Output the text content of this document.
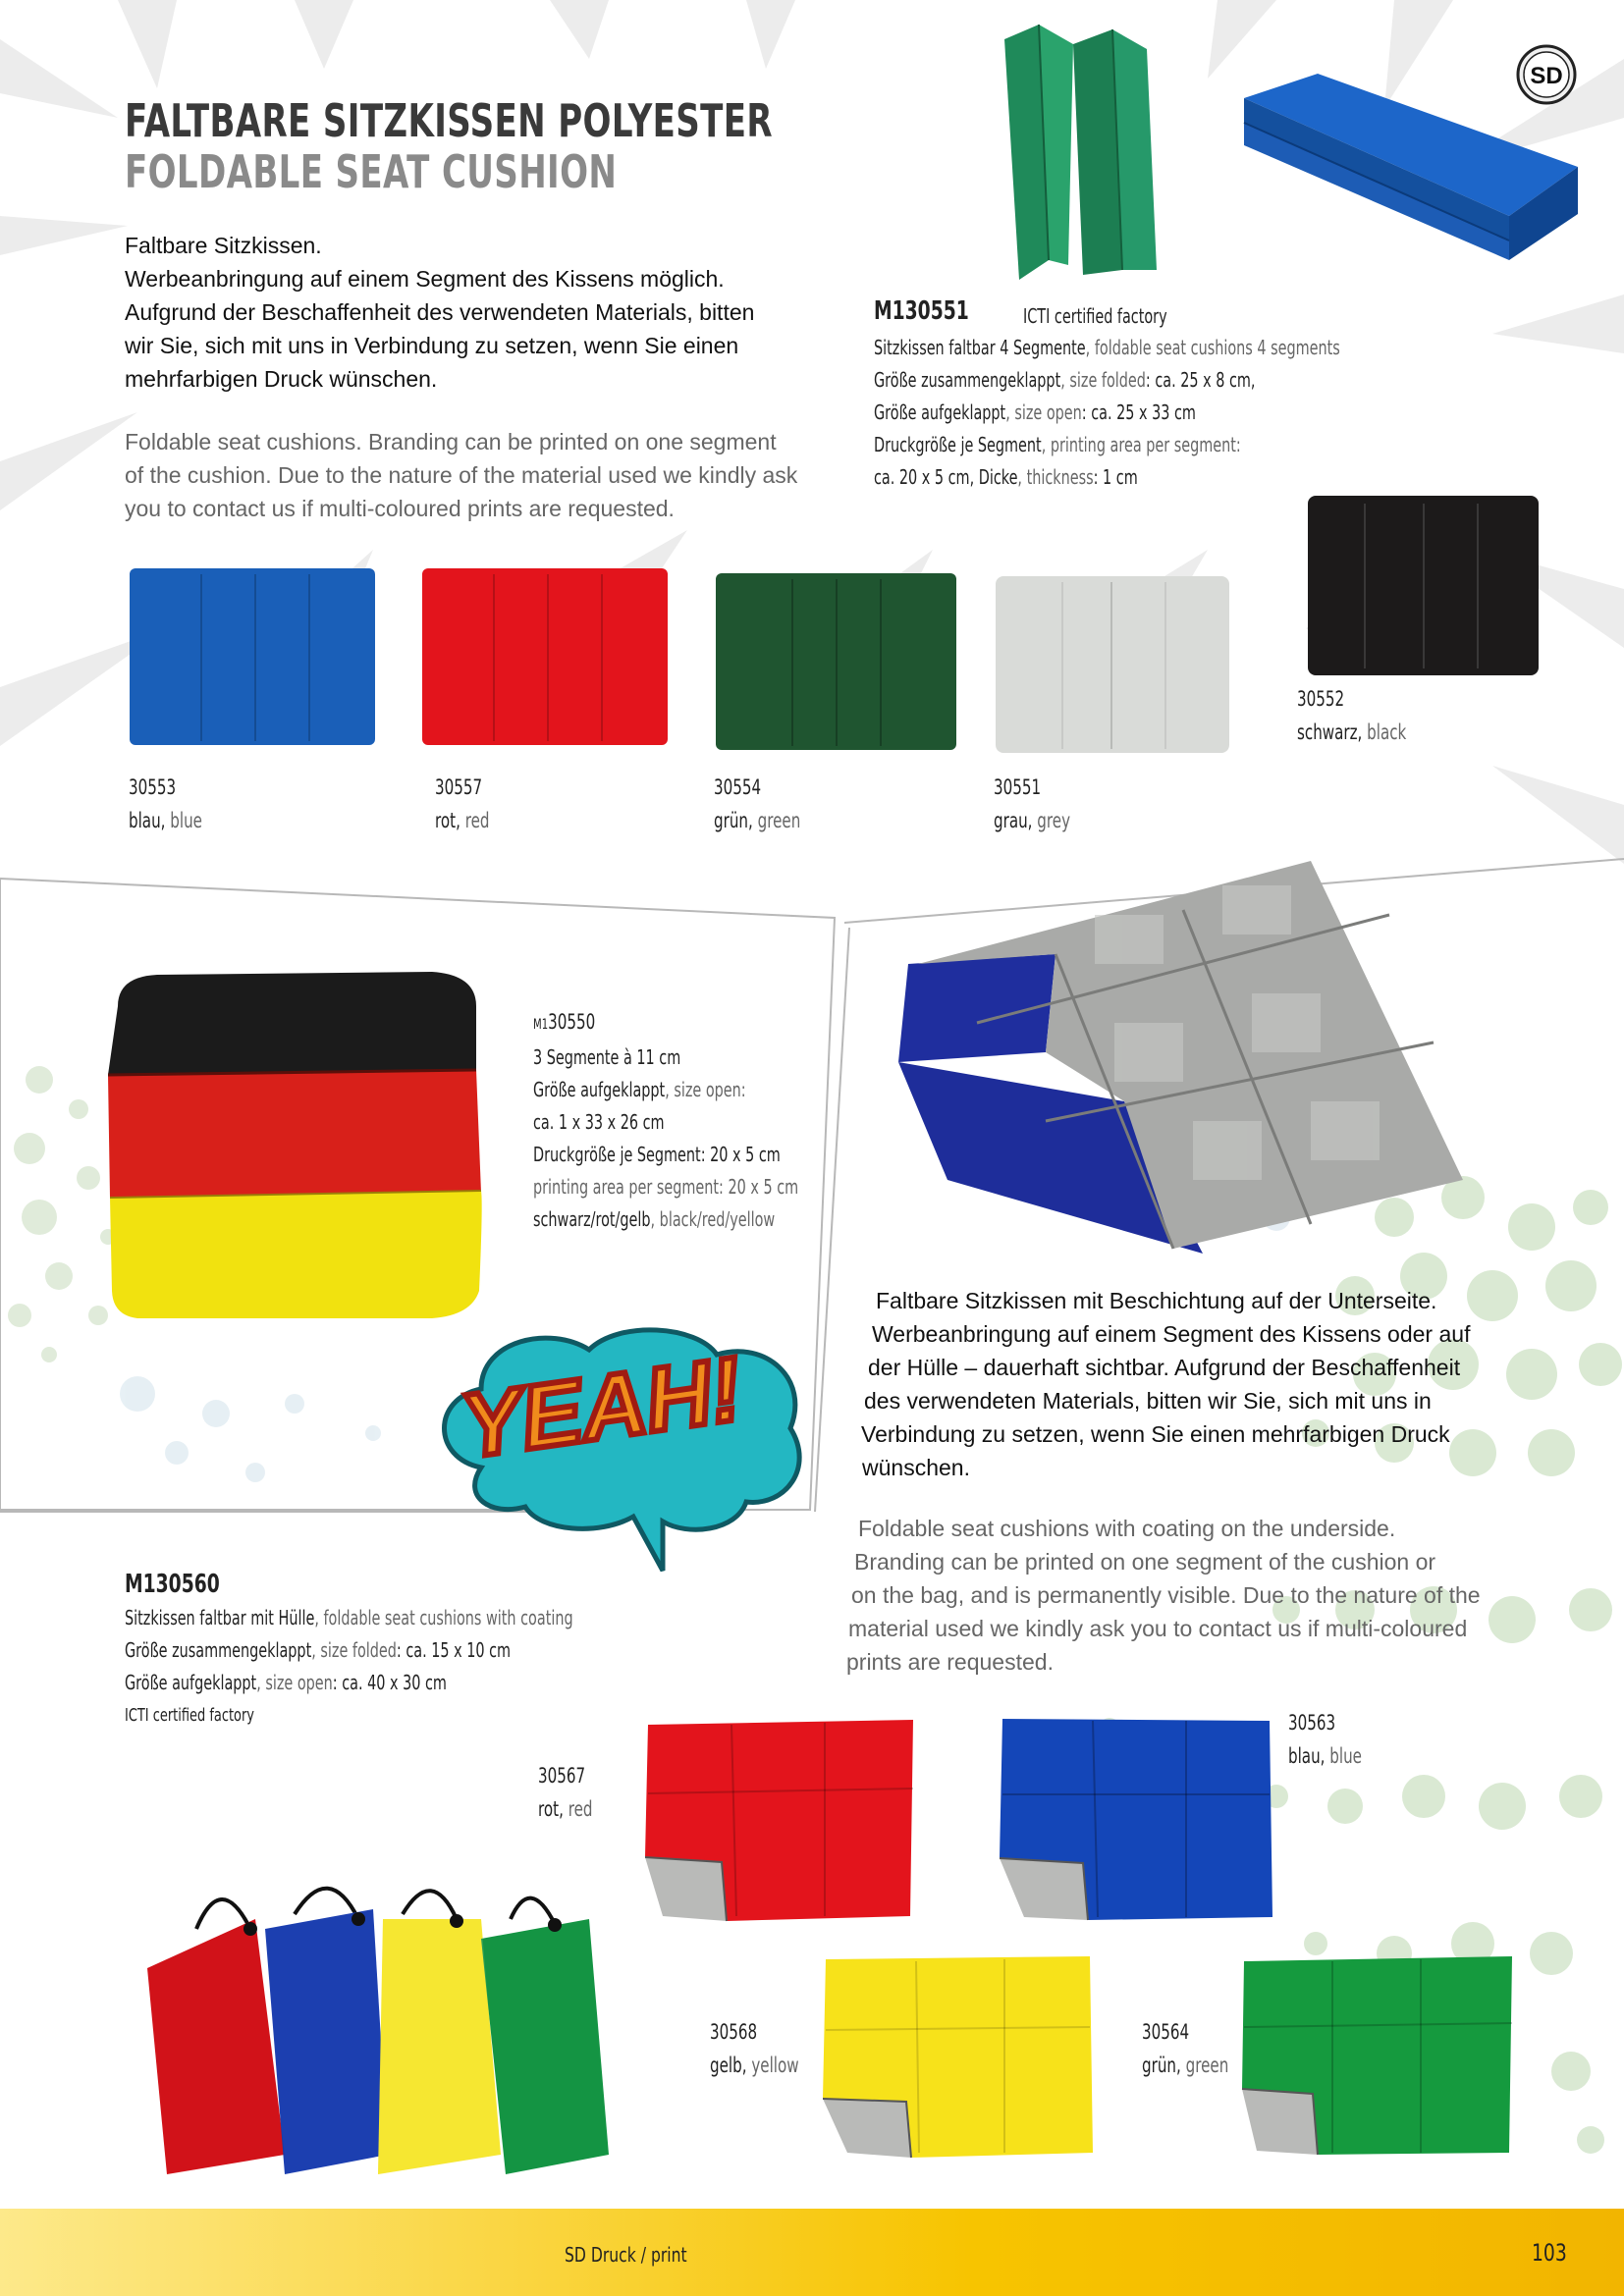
SD
FALTBARE SITZKISSEN POLYESTER
FOLDABLE SEAT CUSHION
Faltbare Sitzkissen.
Werbeanbringung auf einem Segment des Kissens möglich.
Aufgrund der Beschaffenheit des verwendeten Materials, bitten
wir Sie, sich mit uns in Verbindung zu setzen, wenn Sie einen
mehrfarbigen Druck wünschen.
Foldable seat cushions. Branding can be printed on one segment
of the cushion. Due to the nature of the material used we kindly ask
you to contact us if multi-coloured prints are requested.
M130551	ICTI certified factory
Sitzkissen faltbar 4 Segmente, foldable seat cushions 4 segments
Größe zusammengeklappt, size folded: ca. 25 x 8 cm,
Größe aufgeklappt, size open: ca. 25 x 33 cm
Druckgröße je Segment, printing area per segment:
ca. 20 x 5 cm, Dicke, thickness: 1 cm
30553
blau, blue
30557
rot, red
30554
grün, green
30551
grau, grey
30552
schwarz, black
M130550
3 Segmente à 11 cm
Größe aufgeklappt, size open:
ca. 1 x 33 x 26 cm
Druckgröße je Segment: 20 x 5 cm
printing area per segment: 20 x 5 cm
schwarz/rot/gelb, black/red/yellow
Faltbare Sitzkissen mit Beschichtung auf der Unterseite.
Werbeanbringung auf einem Segment des Kissens oder auf
der Hülle – dauerhaft sichtbar. Aufgrund der Beschaffenheit
des verwendeten Materials, bitten wir Sie, sich mit uns in
Verbindung zu setzen, wenn Sie einen mehrfarbigen Druck
wünschen.
Foldable seat cushions with coating on the underside.
Branding can be printed on one segment of the cushion or
on the bag, and is permanently visible. Due to the nature of the
material used we kindly ask you to contact us if multi-coloured
prints are requested.
YEAH!
M130560
Sitzkissen faltbar mit Hülle, foldable seat cushions with coating
Größe zusammengeklappt, size folded: ca. 15 x 10 cm
Größe aufgeklappt, size open: ca. 40 x 30 cm
ICTI certified factory
30567
rot, red
30563
blau, blue
30568
gelb, yellow
30564
grün, green
SD Druck / print	103
